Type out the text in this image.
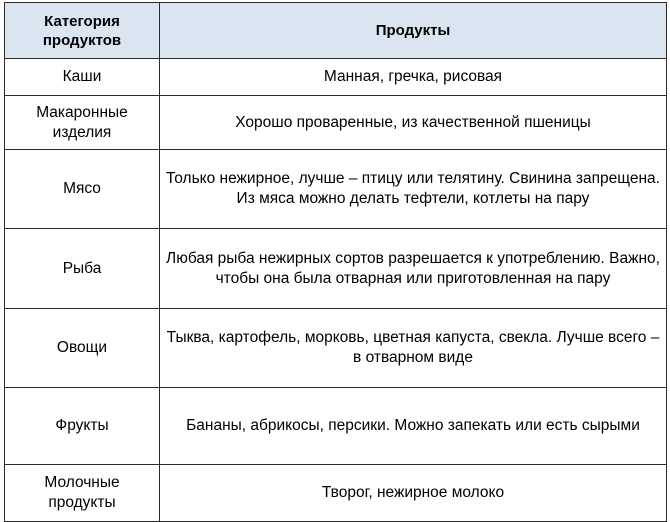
Категория продуктов	Продукты
Каши	Манная, гречка, рисовая
Макаронные изделия	Хорошо проваренные, из качественной пшеницы
Мясо	Только нежирное, лучше – птицу или телятину. Свинина запрещена. Из мяса можно делать тефтели, котлеты на пару
Рыба	Любая рыба нежирных сортов разрешается к употреблению. Важно, чтобы она была отварная или приготовленная на пару
Овощи	Тыква, картофель, морковь, цветная капуста, свекла. Лучше всего – в отварном виде
Фрукты	Бананы, абрикосы, персики. Можно запекать или есть сырыми
Молочные продукты	Творог, нежирное молоко
